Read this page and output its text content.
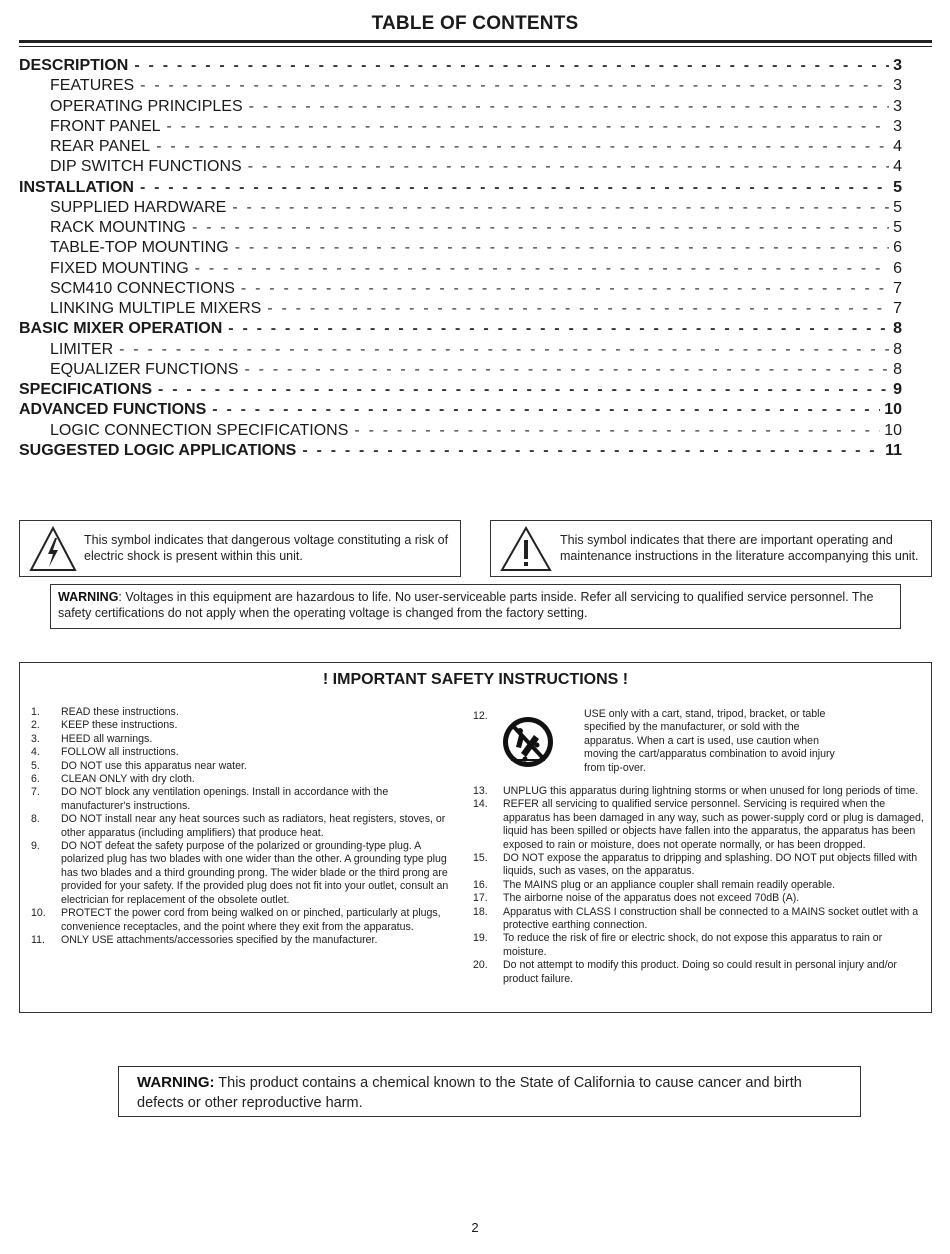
TABLE OF CONTENTS
DESCRIPTION - - -	3
FEATURES - - -	3
OPERATING PRINCIPLES - - -	3
FRONT PANEL - - -	3
REAR PANEL - - -	4
DIP SWITCH FUNCTIONS - - -	4
INSTALLATION - - -	5
SUPPLIED HARDWARE - - -	5
RACK MOUNTING - - -	5
TABLE-TOP MOUNTING - - -	6
FIXED MOUNTING - - -	6
SCM410 CONNECTIONS - - -	7
LINKING MULTIPLE MIXERS - - -	7
BASIC MIXER OPERATION - - -	8
LIMITER - - -	8
EQUALIZER FUNCTIONS - - -	8
SPECIFICATIONS - - -	9
ADVANCED FUNCTIONS - - -	10
LOGIC CONNECTION SPECIFICATIONS - - -	10
SUGGESTED LOGIC APPLICATIONS - - -	11
This symbol indicates that dangerous voltage constituting a risk of electric shock is present within this unit.
This symbol indicates that there are important operating and maintenance instructions in the literature accompanying this unit.
WARNING: Voltages in this equipment are hazardous to life. No user-serviceable parts inside. Refer all servicing to qualified service personnel. The safety certifications do not apply when the operating voltage is changed from the factory setting.
! IMPORTANT SAFETY INSTRUCTIONS !
1.	READ these instructions.
2.	KEEP these instructions.
3.	HEED all warnings.
4.	FOLLOW all instructions.
5.	DO NOT use this apparatus near water.
6.	CLEAN ONLY with dry cloth.
7.	DO NOT block any ventilation openings. Install in accordance with the manufacturer's instructions.
8.	DO NOT install near any heat sources such as radiators, heat registers, stoves, or other apparatus (including amplifiers) that produce heat.
9.	DO NOT defeat the safety purpose of the polarized or grounding-type plug. A polarized plug has two blades with one wider than the other. A grounding type plug has two blades and a third grounding prong. The wider blade or the third prong are provided for your safety. If the provided plug does not fit into your outlet, consult an electrician for replacement of the obsolete outlet.
10.	PROTECT the power cord from being walked on or pinched, particularly at plugs, convenience receptacles, and the point where they exit from the apparatus.
11.	ONLY USE attachments/accessories specified by the manufacturer.
12.	USE only with a cart, stand, tripod, bracket, or table specified by the manufacturer, or sold with the apparatus. When a cart is used, use caution when moving the cart/apparatus combination to avoid injury from tip-over.
13.	UNPLUG this apparatus during lightning storms or when unused for long periods of time.
14.	REFER all servicing to qualified service personnel. Servicing is required when the apparatus has been damaged in any way, such as power-supply cord or plug is damaged, liquid has been spilled or objects have fallen into the apparatus, the apparatus has been exposed to rain or moisture, does not operate normally, or has been dropped.
15.	DO NOT expose the apparatus to dripping and splashing. DO NOT put objects filled with liquids, such as vases, on the apparatus.
16.	The MAINS plug or an appliance coupler shall remain readily operable.
17.	The airborne noise of the apparatus does not exceed 70dB (A).
18.	Apparatus with CLASS I construction shall be connected to a MAINS socket outlet with a protective earthing connection.
19.	To reduce the risk of fire or electric shock, do not expose this apparatus to rain or moisture.
20.	Do not attempt to modify this product. Doing so could result in personal injury and/or product failure.
WARNING: This product contains a chemical known to the State of California to cause cancer and birth defects or other reproductive harm.
2
